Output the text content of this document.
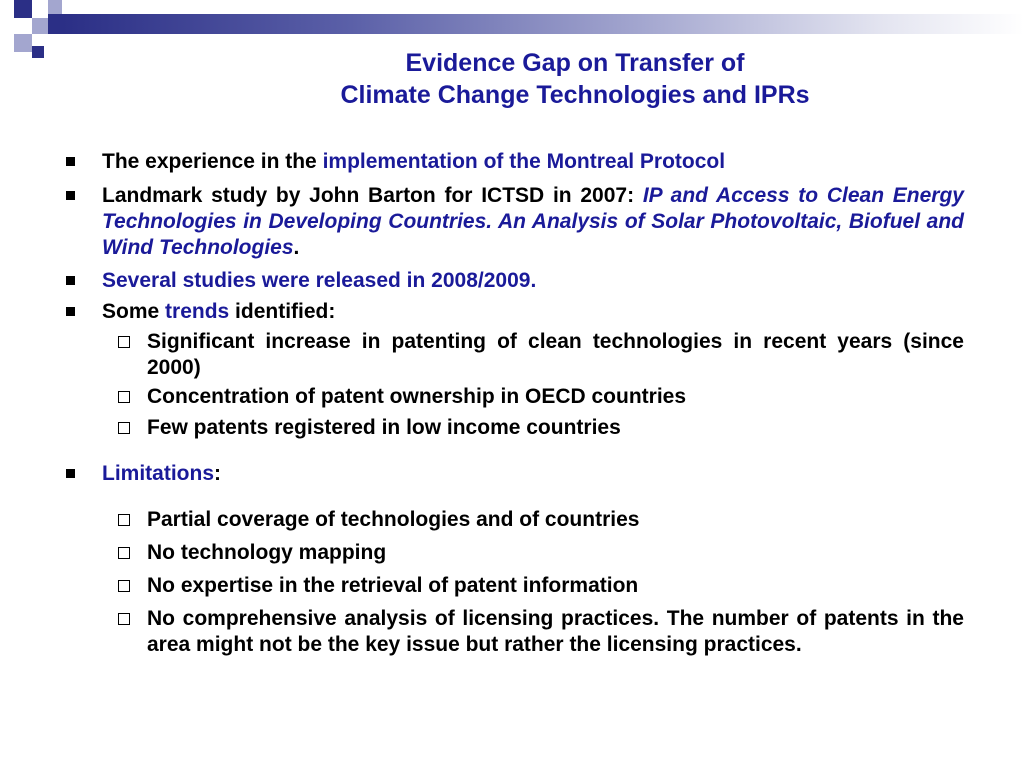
Evidence Gap on Transfer of
Climate Change Technologies and IPRs
The experience in the implementation of the Montreal Protocol
Landmark study by John Barton for ICTSD in 2007: IP and Access to Clean Energy Technologies in Developing Countries. An Analysis of Solar Photovoltaic, Biofuel and Wind Technologies.
Several studies were released in 2008/2009.
Some trends identified:
Significant increase in patenting of clean technologies in recent years (since 2000)
Concentration of patent ownership in OECD countries
Few patents registered in low income countries
Limitations:
Partial coverage of technologies and of countries
No technology mapping
No expertise in the retrieval of patent information
No comprehensive analysis of licensing practices. The number of patents in the area might not be the key issue but rather the licensing practices.
